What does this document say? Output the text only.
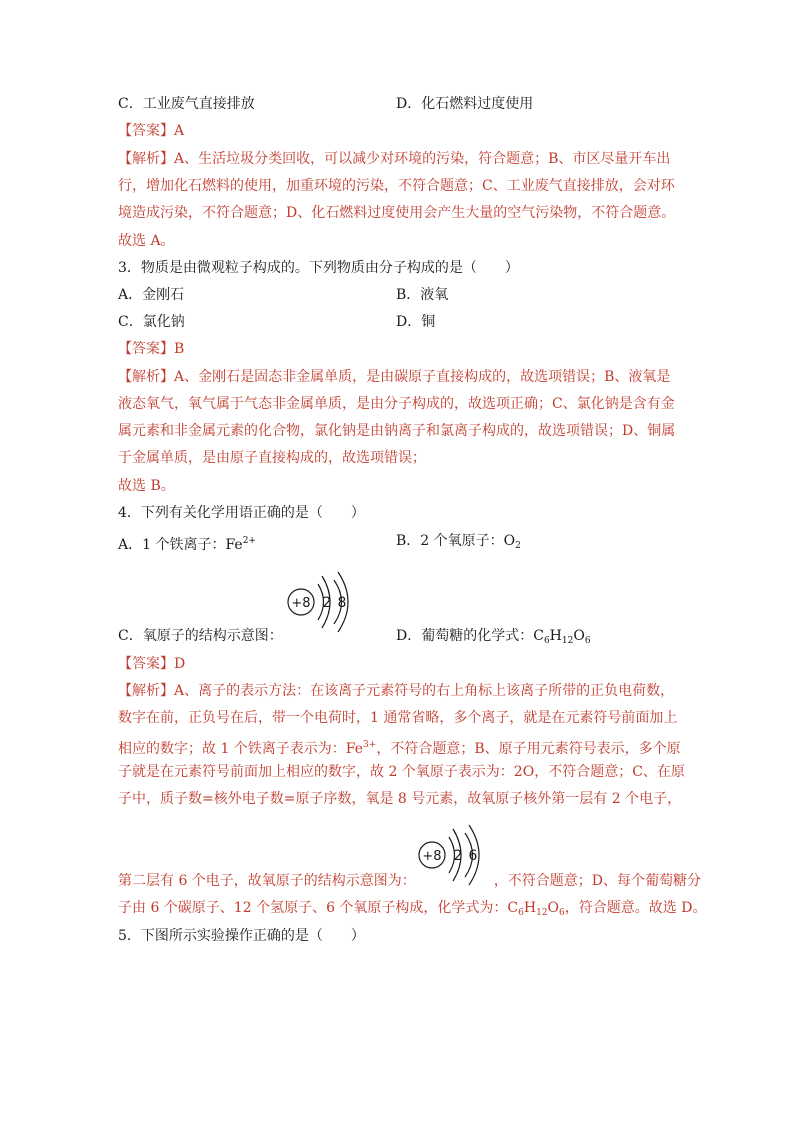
C．工业废气直接排放	D．化石燃料过度使用
【答案】A
【解析】A、生活垃圾分类回收，可以减少对环境的污染，符合题意；B、市区尽量开车出
行，增加化石燃料的使用，加重环境的污染，不符合题意；C、工业废气直接排放，会对环
境造成污染，不符合题意；D、化石燃料过度使用会产生大量的空气污染物，不符合题意。
故选 A。
3．物质是由微观粒子构成的。下列物质由分子构成的是（　　）
A．金刚石	B．液氧
C．氯化钠	D．铜
【答案】B
【解析】A、金刚石是固态非金属单质，是由碳原子直接构成的，故选项错误；B、液氧是
液态氧气，氧气属于气态非金属单质，是由分子构成的，故选项正确；C、氯化钠是含有金
属元素和非金属元素的化合物，氯化钠是由钠离子和氯离子构成的，故选项错误；D、铜属
于金属单质，是由原子直接构成的，故选项错误；
故选 B。
4．下列有关化学用语正确的是（　　）
A．1 个铁离子：$Fe^{2+}$	B．2 个氧原子：$O_2$
+8 2 8
C．氧原子的结构示意图：	D．葡萄糖的化学式：$C_6H_{12}O_6$
【答案】D
【解析】A、离子的表示方法：在该离子元素符号的右上角标上该离子所带的正负电荷数，
数字在前，正负号在后，带一个电荷时，1 通常省略，多个离子，就是在元素符号前面加上
相应的数字；故 1 个铁离子表示为：$Fe^{3+}$，不符合题意；B、原子用元素符号表示，多个原
子就是在元素符号前面加上相应的数字，故 2 个氧原子表示为：2O，不符合题意；C、在原
子中，质子数=核外电子数=原子序数，氧是 8 号元素，故氧原子核外第一层有 2 个电子，
+8 2 6
第二层有 6 个电子，故氧原子的结构示意图为：	，不符合题意；D、每个葡萄糖分
子由 6 个碳原子、12 个氢原子、6 个氧原子构成，化学式为：$C_6H_{12}O_6$，符合题意。故选 D。
5．下图所示实验操作正确的是（　　）
